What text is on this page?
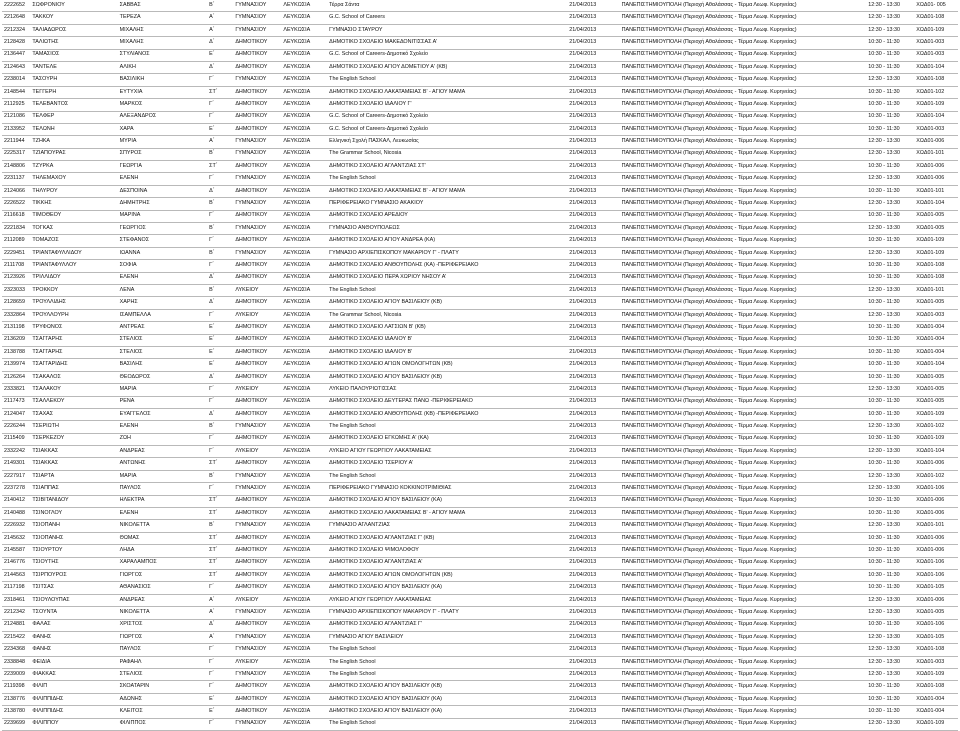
2222652	ΣΩΦΡΟΝΙΟΥ	ΣΑΒΒΑΣ	Β΄	ΓΥΜΝΑΣΙΟΥ	ΛΕΥΚΩΣΙΑ	Τέρρα Σάντα	21/04/2013	ΠΑΝΕΠΙΣΤΗΜΙΟΥΠΟΛΗ (Περιοχή Αθαλάσσας - Τέρμα Λεωφ. Κυρηνείας)	12:30 - 13:30	ΧΩΔ01- 005
2212648	ΤΑΚΚΟΥ	ΤΕΡΕΖΑ	Α΄	ΓΥΜΝΑΣΙΟΥ	ΛΕΥΚΩΣΙΑ	G.C. School of Careers	21/04/2013	ΠΑΝΕΠΙΣΤΗΜΙΟΥΠΟΛΗ (Περιοχή Αθαλάσσας - Τέρμα Λεωφ. Κυρηνείας)	12:30 - 13:30	ΧΩΔ01-108
2212324	ΤΑΛΙΑΔΩΡΟΣ	ΜΙΧΑΛΗΣ	Α΄	ΓΥΜΝΑΣΙΟΥ	ΛΕΥΚΩΣΙΑ	ΓΥΜΝΑΣΙΟ ΣΤΑΥΡΟΥ	21/04/2013	ΠΑΝΕΠΙΣΤΗΜΙΟΥΠΟΛΗ (Περιοχή Αθαλάσσας - Τέρμα Λεωφ. Κυρηνείας)	12:30 - 13:30	ΧΩΔ01-109
2128428	ΤΑΛΙΩΤΗΣ	ΜΙΧΑΛΗΣ	Δ΄	ΔΗΜΟΤΙΚΟΥ	ΛΕΥΚΩΣΙΑ	ΔΗΜΟΤΙΚΟ ΣΧΟΛΕΙΟ ΜΑΚΕΔΟΝΙΤΙΣΣΑΣ Α'	21/04/2013	ΠΑΝΕΠΙΣΤΗΜΙΟΥΠΟΛΗ (Περιοχή Αθαλάσσας - Τέρμα Λεωφ. Κυρηνείας)	10:30 - 11:30	ΧΩΔ01-003
2136447	ΤΑΜΑΣΙΟΣ	ΣΤΥΛΙΑΝΟΣ	Ε΄	ΔΗΜΟΤΙΚΟΥ	ΛΕΥΚΩΣΙΑ	G.C. School of Careers-Δημοτικό Σχολείο	21/04/2013	ΠΑΝΕΠΙΣΤΗΜΙΟΥΠΟΛΗ (Περιοχή Αθαλάσσας - Τέρμα Λεωφ. Κυρηνείας)	10:30 - 11:30	ΧΩΔ01-003
2124643	ΤΑΝΤΕΛΕ	ΑΛΙΚΗ	Δ΄	ΔΗΜΟΤΙΚΟΥ	ΛΕΥΚΩΣΙΑ	ΔΗΜΟΤΙΚΟ ΣΧΟΛΕΙΟ ΑΓΙΟΥ ΔΟΜΕΤΙΟΥ Α' (ΚΒ)	21/04/2013	ΠΑΝΕΠΙΣΤΗΜΙΟΥΠΟΛΗ (Περιοχή Αθαλάσσας - Τέρμα Λεωφ. Κυρηνείας)	10:30 - 11:30	ΧΩΔ01-104
2238014	ΤΑΣΟΥΡΗ	ΒΑΣΙΛΙΚΗ	Γ΄	ΓΥΜΝΑΣΙΟΥ	ΛΕΥΚΩΣΙΑ	The English School	21/04/2013	ΠΑΝΕΠΙΣΤΗΜΙΟΥΠΟΛΗ (Περιοχή Αθαλάσσας - Τέρμα Λεωφ. Κυρηνείας)	12:30 - 13:30	ΧΩΔ01-108
2148544	ΤΕΓΓΕΡΗ	ΕΥΤΥΧΙΑ	ΣΤ΄	ΔΗΜΟΤΙΚΟΥ	ΛΕΥΚΩΣΙΑ	ΔΗΜΟΤΙΚΟ ΣΧΟΛΕΙΟ ΛΑΚΑΤΑΜΕΙΑΣ Β' - ΑΓΙΟΥ ΜΑΜΑ	21/04/2013	ΠΑΝΕΠΙΣΤΗΜΙΟΥΠΟΛΗ (Περιοχή Αθαλάσσας - Τέρμα Λεωφ. Κυρηνείας)	10:30 - 11:30	ΧΩΔ01-102
2112925	ΤΕΛΕΒΑΝΤΟΣ	ΜΑΡΚΟΣ	Γ΄	ΔΗΜΟΤΙΚΟΥ	ΛΕΥΚΩΣΙΑ	ΔΗΜΟΤΙΚΟ ΣΧΟΛΕΙΟ ΙΔΑΛΙΟΥ Γ'	21/04/2013	ΠΑΝΕΠΙΣΤΗΜΙΟΥΠΟΛΗ (Περιοχή Αθαλάσσας - Τέρμα Λεωφ. Κυρηνείας)	10:30 - 11:30	ΧΩΔ01-109
2121086	ΤΕΛΦΕΡ	ΑΛΕΞΑΝΔΡΟΣ	Γ΄	ΔΗΜΟΤΙΚΟΥ	ΛΕΥΚΩΣΙΑ	G.C. School of Careers-Δημοτικό Σχολείο	21/04/2013	ΠΑΝΕΠΙΣΤΗΜΙΟΥΠΟΛΗ (Περιοχή Αθαλάσσας - Τέρμα Λεωφ. Κυρηνείας)	10:30 - 11:30	ΧΩΔ01-104
2133952	ΤΕΛΩΝΗ	ΧΑΡΑ	Ε΄	ΔΗΜΟΤΙΚΟΥ	ΛΕΥΚΩΣΙΑ	G.C. School of Careers-Δημοτικό Σχολείο	21/04/2013	ΠΑΝΕΠΙΣΤΗΜΙΟΥΠΟΛΗ (Περιοχή Αθαλάσσας - Τέρμα Λεωφ. Κυρηνείας)	10:30 - 11:30	ΧΩΔ01-003
2211944	ΤΖΗΚΑ	ΜΥΡΙΑ	Α΄	ΓΥΜΝΑΣΙΟΥ	ΛΕΥΚΩΣΙΑ	Ελληνική Σχολή ΠΑΣΚΑΛ, Λευκωσίας	21/04/2013	ΠΑΝΕΠΙΣΤΗΜΙΟΥΠΟΛΗ (Περιοχή Αθαλάσσας - Τέρμα Λεωφ. Κυρηνείας)	12:30 - 13:30	ΧΩΔ01-006
2225317	ΤΖΙΑΠΟΥΡΑΣ	ΣΠΥΡΟΣ	Β΄	ΓΥΜΝΑΣΙΟΥ	ΛΕΥΚΩΣΙΑ	The Grammar School, Nicosia	21/04/2013	ΠΑΝΕΠΙΣΤΗΜΙΟΥΠΟΛΗ (Περιοχή Αθαλάσσας - Τέρμα Λεωφ. Κυρηνείας)	12:30 - 13:30	ΧΩΔ01-101
2148806	ΤΖΥΡΚΑ	ΓΕΩΡΓΙΑ	ΣΤ΄	ΔΗΜΟΤΙΚΟΥ	ΛΕΥΚΩΣΙΑ	ΔΗΜΟΤΙΚΟ ΣΧΟΛΕΙΟ ΑΓΛΑΝΤΖΙΑΣ ΣΤ'	21/04/2013	ΠΑΝΕΠΙΣΤΗΜΙΟΥΠΟΛΗ (Περιοχή Αθαλάσσας - Τέρμα Λεωφ. Κυρηνείας)	10:30 - 11:30	ΧΩΔ01-006
2231137	ΤΗΛΕΜΑΧΟΥ	ΕΛΕΝΗ	Γ΄	ΓΥΜΝΑΣΙΟΥ	ΛΕΥΚΩΣΙΑ	The English School	21/04/2013	ΠΑΝΕΠΙΣΤΗΜΙΟΥΠΟΛΗ (Περιοχή Αθαλάσσας - Τέρμα Λεωφ. Κυρηνείας)	12:30 - 13:30	ΧΩΔ01-006
2124066	ΤΗΛΥΡΟΥ	ΔΕΣΠΟΙΝΑ	Δ΄	ΔΗΜΟΤΙΚΟΥ	ΛΕΥΚΩΣΙΑ	ΔΗΜΟΤΙΚΟ ΣΧΟΛΕΙΟ ΛΑΚΑΤΑΜΕΙΑΣ Β' - ΑΓΙΟΥ ΜΑΜΑ	21/04/2013	ΠΑΝΕΠΙΣΤΗΜΙΟΥΠΟΛΗ (Περιοχή Αθαλάσσας - Τέρμα Λεωφ. Κυρηνείας)	10:30 - 11:30	ΧΩΔ01-101
2226522	ΤΙΚΚΗΣ	ΔΗΜΗΤΡΗΣ	Β΄	ΓΥΜΝΑΣΙΟΥ	ΛΕΥΚΩΣΙΑ	ΠΕΡΙΦΕΡΕΙΑΚΟ ΓΥΜΝΑΣΙΟ ΑΚΑΚΙΟΥ	21/04/2013	ΠΑΝΕΠΙΣΤΗΜΙΟΥΠΟΛΗ (Περιοχή Αθαλάσσας - Τέρμα Λεωφ. Κυρηνείας)	12:30 - 13:30	ΧΩΔ01-104
2116618	ΤΙΜΟΘΕΟΥ	ΜΑΡΙΝΑ	Γ΄	ΔΗΜΟΤΙΚΟΥ	ΛΕΥΚΩΣΙΑ	ΔΗΜΟΤΙΚΟ ΣΧΟΛΕΙΟ ΑΡΕΔΙΟΥ	21/04/2013	ΠΑΝΕΠΙΣΤΗΜΙΟΥΠΟΛΗ (Περιοχή Αθαλάσσας - Τέρμα Λεωφ. Κυρηνείας)	10:30 - 11:30	ΧΩΔ01-005
2221834	ΤΟΓΚΑΣ	ΓΕΩΡΓΙΟΣ	Β΄	ΓΥΜΝΑΣΙΟΥ	ΛΕΥΚΩΣΙΑ	ΓΥΜΝΑΣΙΟ ΑΝΘΟΥΠΟΛΕΩΣ	21/04/2013	ΠΑΝΕΠΙΣΤΗΜΙΟΥΠΟΛΗ (Περιοχή Αθαλάσσας - Τέρμα Λεωφ. Κυρηνείας)	12:30 - 13:30	ΧΩΔ01-005
2112089	ΤΟΜΑΖΟΣ	ΣΤΕΦΑΝΟΣ	Γ΄	ΔΗΜΟΤΙΚΟΥ	ΛΕΥΚΩΣΙΑ	ΔΗΜΟΤΙΚΟ ΣΧΟΛΕΙΟ ΑΓΙΟΥ ΑΝΔΡΕΑ (ΚΑ)	21/04/2013	ΠΑΝΕΠΙΣΤΗΜΙΟΥΠΟΛΗ (Περιοχή Αθαλάσσας - Τέρμα Λεωφ. Κυρηνείας)	10:30 - 11:30	ΧΩΔ01-109
2229451	ΤΡΙΑΝΤΑΦΥΛΛΙΔΟΥ	ΙΩΑΝΝΑ	Β΄	ΓΥΜΝΑΣΙΟΥ	ΛΕΥΚΩΣΙΑ	ΓΥΜΝΑΣΙΟ ΑΡΧΙΕΠΙΣΚΟΠΟΥ ΜΑΚΑΡΙΟΥ Γ' - ΠΛΑΤΥ	21/04/2013	ΠΑΝΕΠΙΣΤΗΜΙΟΥΠΟΛΗ (Περιοχή Αθαλάσσας - Τέρμα Λεωφ. Κυρηνείας)	12:30 - 13:30	ΧΩΔ01-109
2111708	ΤΡΙΑΝΤΑΦΥΛΛΟΥ	ΣΟΦΙΑ	Γ΄	ΔΗΜΟΤΙΚΟΥ	ΛΕΥΚΩΣΙΑ	ΔΗΜΟΤΙΚΟ ΣΧΟΛΕΙΟ ΑΝΘΟΥΠΟΛΗΣ (ΚΑ) -ΠΕΡΙΦΕΡΕΙΑΚΟ	21/04/2013	ΠΑΝΕΠΙΣΤΗΜΙΟΥΠΟΛΗ (Περιοχή Αθαλάσσας - Τέρμα Λεωφ. Κυρηνείας)	10:30 - 11:30	ΧΩΔ01-108
2123926	ΤΡΙΛΛΙΔΟΥ	ΕΛΕΝΗ	Δ΄	ΔΗΜΟΤΙΚΟΥ	ΛΕΥΚΩΣΙΑ	ΔΗΜΟΤΙΚΟ ΣΧΟΛΕΙΟ ΠΕΡΑ ΧΩΡΙΟΥ ΝΗΣΟΥ Α'	21/04/2013	ΠΑΝΕΠΙΣΤΗΜΙΟΥΠΟΛΗ (Περιοχή Αθαλάσσας - Τέρμα Λεωφ. Κυρηνείας)	10:30 - 11:30	ΧΩΔ01-108
2323033	ΤΡΟΚΚΟΥ	ΛΕΝΑ	Β΄	ΛΥΚΕΙΟΥ	ΛΕΥΚΩΣΙΑ	The English School	21/04/2013	ΠΑΝΕΠΙΣΤΗΜΙΟΥΠΟΛΗ (Περιοχή Αθαλάσσας - Τέρμα Λεωφ. Κυρηνείας)	12:30 - 13:30	ΧΩΔ01-101
2128659	ΤΡΟΥΛΛΙΔΗΣ	ΧΑΡΗΣ	Δ΄	ΔΗΜΟΤΙΚΟΥ	ΛΕΥΚΩΣΙΑ	ΔΗΜΟΤΙΚΟ ΣΧΟΛΕΙΟ ΑΓΙΟΥ ΒΑΣΙΛΕΙΟΥ (ΚΒ)	21/04/2013	ΠΑΝΕΠΙΣΤΗΜΙΟΥΠΟΛΗ (Περιοχή Αθαλάσσας - Τέρμα Λεωφ. Κυρηνείας)	10:30 - 11:30	ΧΩΔ01-005
2332864	ΤΡΟΥΛΛΟΥΡΗ	ΙΣΑΜΠΕΛΛΑ	Γ΄	ΛΥΚΕΙΟΥ	ΛΕΥΚΩΣΙΑ	The Grammar School, Nicosia	21/04/2013	ΠΑΝΕΠΙΣΤΗΜΙΟΥΠΟΛΗ (Περιοχή Αθαλάσσας - Τέρμα Λεωφ. Κυρηνείας)	12:30 - 13:30	ΧΩΔ01-003
2131198	ΤΡΥΦΩΝΟΣ	ΑΝΤΡΕΑΣ	Ε΄	ΔΗΜΟΤΙΚΟΥ	ΛΕΥΚΩΣΙΑ	ΔΗΜΟΤΙΚΟ ΣΧΟΛΕΙΟ ΛΑΤΣΙΩΝ Β' (ΚΒ)	21/04/2013	ΠΑΝΕΠΙΣΤΗΜΙΟΥΠΟΛΗ (Περιοχή Αθαλάσσας - Τέρμα Λεωφ. Κυρηνείας)	10:30 - 11:30	ΧΩΔ01-004
2136209	ΤΣΑΓΓΑΡΗΣ	ΣΤΕΛΙΟΣ	Ε΄	ΔΗΜΟΤΙΚΟΥ	ΛΕΥΚΩΣΙΑ	ΔΗΜΟΤΙΚΟ ΣΧΟΛΕΙΟ ΙΔΑΛΙΟΥ Β'	21/04/2013	ΠΑΝΕΠΙΣΤΗΜΙΟΥΠΟΛΗ (Περιοχή Αθαλάσσας - Τέρμα Λεωφ. Κυρηνείας)	10:30 - 11:30	ΧΩΔ01-004
2138788	ΤΣΑΓΓΑΡΗΣ	ΣΤΕΛΙΟΣ	Ε΄	ΔΗΜΟΤΙΚΟΥ	ΛΕΥΚΩΣΙΑ	ΔΗΜΟΤΙΚΟ ΣΧΟΛΕΙΟ ΙΔΑΛΙΟΥ Β'	21/04/2013	ΠΑΝΕΠΙΣΤΗΜΙΟΥΠΟΛΗ (Περιοχή Αθαλάσσας - Τέρμα Λεωφ. Κυρηνείας)	10:30 - 11:30	ΧΩΔ01-004
2139974	ΤΣΑΓΓΑΡΙΔΗΣ	ΒΑΣΙΛΗΣ	Ε΄	ΔΗΜΟΤΙΚΟΥ	ΛΕΥΚΩΣΙΑ	ΔΗΜΟΤΙΚΟ ΣΧΟΛΕΙΟ ΑΓΙΩΝ ΟΜΟΛΟΓΗΤΩΝ (ΚΒ)	21/04/2013	ΠΑΝΕΠΙΣΤΗΜΙΟΥΠΟΛΗ (Περιοχή Αθαλάσσας - Τέρμα Λεωφ. Κυρηνείας)	10:30 - 11:30	ΧΩΔ01-104
2126264	ΤΣΑΚΑΛΟΣ	ΘΕΟΔΩΡΟΣ	Δ΄	ΔΗΜΟΤΙΚΟΥ	ΛΕΥΚΩΣΙΑ	ΔΗΜΟΤΙΚΟ ΣΧΟΛΕΙΟ ΑΓΙΟΥ ΒΑΣΙΛΕΙΟΥ (ΚΒ)	21/04/2013	ΠΑΝΕΠΙΣΤΗΜΙΟΥΠΟΛΗ (Περιοχή Αθαλάσσας - Τέρμα Λεωφ. Κυρηνείας)	10:30 - 11:30	ΧΩΔ01-005
2333821	ΤΣΑΛΑΚΟΥ	ΜΑΡΙΑ	Γ΄	ΛΥΚΕΙΟΥ	ΛΕΥΚΩΣΙΑ	ΛΥΚΕΙΟ ΠΑΛΟΥΡΙΩΤΙΣΣΑΣ	21/04/2013	ΠΑΝΕΠΙΣΤΗΜΙΟΥΠΟΛΗ (Περιοχή Αθαλάσσας - Τέρμα Λεωφ. Κυρηνείας)	12:30 - 13:30	ΧΩΔ01-005
2117473	ΤΣΑΛΛΕΚΟΥ	ΡΕΝΑ	Γ΄	ΔΗΜΟΤΙΚΟΥ	ΛΕΥΚΩΣΙΑ	ΔΗΜΟΤΙΚΟ ΣΧΟΛΕΙΟ ΔΕΥΤΕΡΑΣ ΠΑΝΩ -ΠΕΡΙΦΕΡΕΙΑΚΟ	21/04/2013	ΠΑΝΕΠΙΣΤΗΜΙΟΥΠΟΛΗ (Περιοχή Αθαλάσσας - Τέρμα Λεωφ. Κυρηνείας)	10:30 - 11:30	ΧΩΔ01-005
2124047	ΤΣΑΧΑΣ	ΕΥΑΓΓΕΛΟΣ	Δ΄	ΔΗΜΟΤΙΚΟΥ	ΛΕΥΚΩΣΙΑ	ΔΗΜΟΤΙΚΟ ΣΧΟΛΕΙΟ ΑΝΘΟΥΠΟΛΗΣ (ΚΒ) -ΠΕΡΙΦΕΡΕΙΑΚΟ	21/04/2013	ΠΑΝΕΠΙΣΤΗΜΙΟΥΠΟΛΗ (Περιοχή Αθαλάσσας - Τέρμα Λεωφ. Κυρηνείας)	10:30 - 11:30	ΧΩΔ01-109
2226244	ΤΣΕΡΙΩΤΗ	ΕΛΕΝΗ	Β΄	ΓΥΜΝΑΣΙΟΥ	ΛΕΥΚΩΣΙΑ	The English School	21/04/2013	ΠΑΝΕΠΙΣΤΗΜΙΟΥΠΟΛΗ (Περιοχή Αθαλάσσας - Τέρμα Λεωφ. Κυρηνείας)	12:30 - 13:30	ΧΩΔ01-102
2115409	ΤΣΕΡΚΕΖΟΥ	ΖΩΗ	Γ΄	ΔΗΜΟΤΙΚΟΥ	ΛΕΥΚΩΣΙΑ	ΔΗΜΟΤΙΚΟ ΣΧΟΛΕΙΟ ΕΓΚΩΜΗΣ Α' (ΚΑ)	21/04/2013	ΠΑΝΕΠΙΣΤΗΜΙΟΥΠΟΛΗ (Περιοχή Αθαλάσσας - Τέρμα Λεωφ. Κυρηνείας)	10:30 - 11:30	ΧΩΔ01-109
2332242	ΤΣΙΑΚΚΑΣ	ΑΝΔΡΕΑΣ	Γ΄	ΛΥΚΕΙΟΥ	ΛΕΥΚΩΣΙΑ	ΛΥΚΕΙΟ ΑΓΙΟΥ ΓΕΩΡΓΙΟΥ ΛΑΚΑΤΑΜΕΙΑΣ	21/04/2013	ΠΑΝΕΠΙΣΤΗΜΙΟΥΠΟΛΗ (Περιοχή Αθαλάσσας - Τέρμα Λεωφ. Κυρηνείας)	12:30 - 13:30	ΧΩΔ01-104
2149301	ΤΣΙΑΚΚΑΣ	ΑΝΤΩΝΗΣ	ΣΤ΄	ΔΗΜΟΤΙΚΟΥ	ΛΕΥΚΩΣΙΑ	ΔΗΜΟΤΙΚΟ ΣΧΟΛΕΙΟ ΤΣΕΡΙΟΥ Α'	21/04/2013	ΠΑΝΕΠΙΣΤΗΜΙΟΥΠΟΛΗ (Περιοχή Αθαλάσσας - Τέρμα Λεωφ. Κυρηνείας)	10:30 - 11:30	ΧΩΔ01-006
2227917	ΤΣΙΑΡΤΑ	ΜΑΡΙΑ	Β΄	ΓΥΜΝΑΣΙΟΥ	ΛΕΥΚΩΣΙΑ	The English School	21/04/2013	ΠΑΝΕΠΙΣΤΗΜΙΟΥΠΟΛΗ (Περιοχή Αθαλάσσας - Τέρμα Λεωφ. Κυρηνείας)	12:30 - 13:30	ΧΩΔ01-102
2237278	ΤΣΙΑΠΠΑΣ	ΠΑΥΛΟΣ	Γ΄	ΓΥΜΝΑΣΙΟΥ	ΛΕΥΚΩΣΙΑ	ΠΕΡΙΦΕΡΕΙΑΚΟ ΓΥΜΝΑΣΙΟ ΚΟΚΚΙΝΟΤΡΙΜΙΘΙΑΣ	21/04/2013	ΠΑΝΕΠΙΣΤΗΜΙΟΥΠΟΛΗ (Περιοχή Αθαλάσσας - Τέρμα Λεωφ. Κυρηνείας)	12:30 - 13:30	ΧΩΔ01-106
2140412	ΤΣΙΒΙΤΑΝΙΔΟΥ	ΗΛΕΚΤΡΑ	ΣΤ΄	ΔΗΜΟΤΙΚΟΥ	ΛΕΥΚΩΣΙΑ	ΔΗΜΟΤΙΚΟ ΣΧΟΛΕΙΟ ΑΓΙΟΥ ΒΑΣΙΛΕΙΟΥ (ΚΑ)	21/04/2013	ΠΑΝΕΠΙΣΤΗΜΙΟΥΠΟΛΗ (Περιοχή Αθαλάσσας - Τέρμα Λεωφ. Κυρηνείας)	10:30 - 11:30	ΧΩΔ01-006
2140488	ΤΣΙΝΟΓΛΟΥ	ΕΛΕΝΗ	ΣΤ΄	ΔΗΜΟΤΙΚΟΥ	ΛΕΥΚΩΣΙΑ	ΔΗΜΟΤΙΚΟ ΣΧΟΛΕΙΟ ΛΑΚΑΤΑΜΕΙΑΣ Β' - ΑΓΙΟΥ ΜΑΜΑ	21/04/2013	ΠΑΝΕΠΙΣΤΗΜΙΟΥΠΟΛΗ (Περιοχή Αθαλάσσας - Τέρμα Λεωφ. Κυρηνείας)	10:30 - 11:30	ΧΩΔ01-006
2226932	ΤΣΙΟΠΑΝΗ	ΝΙΚΟΛΕΤΤΑ	Β΄	ΓΥΜΝΑΣΙΟΥ	ΛΕΥΚΩΣΙΑ	ΓΥΜΝΑΣΙΟ ΑΓΛΑΝΤΖΙΑΣ	21/04/2013	ΠΑΝΕΠΙΣΤΗΜΙΟΥΠΟΛΗ (Περιοχή Αθαλάσσας - Τέρμα Λεωφ. Κυρηνείας)	12:30 - 13:30	ΧΩΔ01-101
2145632	ΤΣΙΟΠΑΝΗΣ	ΘΩΜΑΣ	ΣΤ΄	ΔΗΜΟΤΙΚΟΥ	ΛΕΥΚΩΣΙΑ	ΔΗΜΟΤΙΚΟ ΣΧΟΛΕΙΟ ΑΓΛΑΝΤΖΙΑΣ Γ' (ΚΒ)	21/04/2013	ΠΑΝΕΠΙΣΤΗΜΙΟΥΠΟΛΗ (Περιοχή Αθαλάσσας - Τέρμα Λεωφ. Κυρηνείας)	10:30 - 11:30	ΧΩΔ01-006
2145587	ΤΣΙΟΥΡΤΟΥ	ΛΗΔΑ	ΣΤ΄	ΔΗΜΟΤΙΚΟΥ	ΛΕΥΚΩΣΙΑ	ΔΗΜΟΤΙΚΟ ΣΧΟΛΕΙΟ ΨΙΜΟΛΟΦΟΥ	21/04/2013	ΠΑΝΕΠΙΣΤΗΜΙΟΥΠΟΛΗ (Περιοχή Αθαλάσσας - Τέρμα Λεωφ. Κυρηνείας)	10:30 - 11:30	ΧΩΔ01-006
2146776	ΤΣΙΟΥΤΗΣ	ΧΑΡΑΛΑΜΠΟΣ	ΣΤ΄	ΔΗΜΟΤΙΚΟΥ	ΛΕΥΚΩΣΙΑ	ΔΗΜΟΤΙΚΟ ΣΧΟΛΕΙΟ ΑΓΛΑΝΤΖΙΑΣ Α'	21/04/2013	ΠΑΝΕΠΙΣΤΗΜΙΟΥΠΟΛΗ (Περιοχή Αθαλάσσας - Τέρμα Λεωφ. Κυρηνείας)	10:30 - 11:30	ΧΩΔ01-106
2144563	ΤΣΙΡΠΟΥΡΟΣ	ΓΙΩΡΓΟΣ	ΣΤ΄	ΔΗΜΟΤΙΚΟΥ	ΛΕΥΚΩΣΙΑ	ΔΗΜΟΤΙΚΟ ΣΧΟΛΕΙΟ ΑΓΙΩΝ ΟΜΟΛΟΓΗΤΩΝ (ΚΒ)	21/04/2013	ΠΑΝΕΠΙΣΤΗΜΙΟΥΠΟΛΗ (Περιοχή Αθαλάσσας - Τέρμα Λεωφ. Κυρηνείας)	10:30 - 11:30	ΧΩΔ01-106
2117198	ΤΣΙΤΣΑΣ	ΑΘΑΝΑΣΙΟΣ	Γ΄	ΔΗΜΟΤΙΚΟΥ	ΛΕΥΚΩΣΙΑ	ΔΗΜΟΤΙΚΟ ΣΧΟΛΕΙΟ ΑΓΙΟΥ ΒΑΣΙΛΕΙΟΥ (ΚΑ)	21/04/2013	ΠΑΝΕΠΙΣΤΗΜΙΟΥΠΟΛΗ (Περιοχή Αθαλάσσας - Τέρμα Λεωφ. Κυρηνείας)	10:30 - 11:30	ΧΩΔ01-105
2318461	ΤΣΙΟΥΛΟΥΠΑΣ	ΑΝΔΡΕΑΣ	Α΄	ΛΥΚΕΙΟΥ	ΛΕΥΚΩΣΙΑ	ΛΥΚΕΙΟ ΑΓΙΟΥ ΓΕΩΡΓΙΟΥ ΛΑΚΑΤΑΜΕΙΑΣ	21/04/2013	ΠΑΝΕΠΙΣΤΗΜΙΟΥΠΟΛΗ (Περιοχή Αθαλάσσας - Τέρμα Λεωφ. Κυρηνείας)	12:30 - 13:30	ΧΩΔ01-006
2212342	ΤΣΟΥΝΤΑ	ΝΙΚΟΛΕΤΤΑ	Α΄	ΓΥΜΝΑΣΙΟΥ	ΛΕΥΚΩΣΙΑ	ΓΥΜΝΑΣΙΟ ΑΡΧΙΕΠΙΣΚΟΠΟΥ ΜΑΚΑΡΙΟΥ Γ' - ΠΛΑΤΥ	21/04/2013	ΠΑΝΕΠΙΣΤΗΜΙΟΥΠΟΛΗ (Περιοχή Αθαλάσσας - Τέρμα Λεωφ. Κυρηνείας)	12:30 - 13:30	ΧΩΔ01-005
2124881	ΦΑΛΑΣ	ΧΡΙΣΤΟΣ	Δ΄	ΔΗΜΟΤΙΚΟΥ	ΛΕΥΚΩΣΙΑ	ΔΗΜΟΤΙΚΟ ΣΧΟΛΕΙΟ ΑΓΛΑΝΤΖΙΑΣ Γ'	21/04/2013	ΠΑΝΕΠΙΣΤΗΜΙΟΥΠΟΛΗ (Περιοχή Αθαλάσσας - Τέρμα Λεωφ. Κυρηνείας)	10:30 - 11:30	ΧΩΔ01-106
2215422	ΦΑΝΗΣ	ΓΙΩΡΓΟΣ	Α΄	ΓΥΜΝΑΣΙΟΥ	ΛΕΥΚΩΣΙΑ	ΓΥΜΝΑΣΙΟ ΑΓΙΟΥ ΒΑΣΙΛΕΙΟΥ	21/04/2013	ΠΑΝΕΠΙΣΤΗΜΙΟΥΠΟΛΗ (Περιοχή Αθαλάσσας - Τέρμα Λεωφ. Κυρηνείας)	12:30 - 13:30	ΧΩΔ01-105
2234368	ΦΑΝΗΣ	ΠΑΥΛΟΣ	Γ΄	ΓΥΜΝΑΣΙΟΥ	ΛΕΥΚΩΣΙΑ	The English School	21/04/2013	ΠΑΝΕΠΙΣΤΗΜΙΟΥΠΟΛΗ (Περιοχή Αθαλάσσας - Τέρμα Λεωφ. Κυρηνείας)	12:30 - 13:30	ΧΩΔ01-108
2338848	ΦΕΙΔΙΑ	ΡΑΦΑΗΛ	Γ΄	ΛΥΚΕΙΟΥ	ΛΕΥΚΩΣΙΑ	The English School	21/04/2013	ΠΑΝΕΠΙΣΤΗΜΙΟΥΠΟΛΗ (Περιοχή Αθαλάσσας - Τέρμα Λεωφ. Κυρηνείας)	12:30 - 13:30	ΧΩΔ01-003
2239009	ΦΙΑΚΚΑΣ	ΣΤΕΛΙΟΣ	Γ΄	ΓΥΜΝΑΣΙΟΥ	ΛΕΥΚΩΣΙΑ	The English School	21/04/2013	ΠΑΝΕΠΙΣΤΗΜΙΟΥΠΟΛΗ (Περιοχή Αθαλάσσας - Τέρμα Λεωφ. Κυρηνείας)	12:30 - 13:30	ΧΩΔ01-109
2119398	ΦΙΛΙΠ	ΣΚΟΑΤΑΡΙΝ	Γ΄	ΔΗΜΟΤΙΚΟΥ	ΛΕΥΚΩΣΙΑ	ΔΗΜΟΤΙΚΟ ΣΧΟΛΕΙΟ ΑΓΙΟΥ ΒΑΣΙΛΕΙΟΥ (ΚΒ)	21/04/2013	ΠΑΝΕΠΙΣΤΗΜΙΟΥΠΟΛΗ (Περιοχή Αθαλάσσας - Τέρμα Λεωφ. Κυρηνείας)	10:30 - 11:30	ΧΩΔ01-108
2138776	ΦΙΛΙΠΠΙΔΗΣ	ΑΔΩΝΗΣ	Ε΄	ΔΗΜΟΤΙΚΟΥ	ΛΕΥΚΩΣΙΑ	ΔΗΜΟΤΙΚΟ ΣΧΟΛΕΙΟ ΑΓΙΟΥ ΒΑΣΙΛΕΙΟΥ (ΚΑ)	21/04/2013	ΠΑΝΕΠΙΣΤΗΜΙΟΥΠΟΛΗ (Περιοχή Αθαλάσσας - Τέρμα Λεωφ. Κυρηνείας)	10:30 - 11:30	ΧΩΔ01-004
2138780	ΦΙΛΙΠΠΙΔΗΣ	ΚΛΕΙΤΟΣ	Ε΄	ΔΗΜΟΤΙΚΟΥ	ΛΕΥΚΩΣΙΑ	ΔΗΜΟΤΙΚΟ ΣΧΟΛΕΙΟ ΑΓΙΟΥ ΒΑΣΙΛΕΙΟΥ (ΚΑ)	21/04/2013	ΠΑΝΕΠΙΣΤΗΜΙΟΥΠΟΛΗ (Περιοχή Αθαλάσσας - Τέρμα Λεωφ. Κυρηνείας)	10:30 - 11:30	ΧΩΔ01-004
2239699	ΦΙΛΙΠΠΟΥ	ΦΙΛΙΠΠΟΣ	Γ΄	ΓΥΜΝΑΣΙΟΥ	ΛΕΥΚΩΣΙΑ	The English School	21/04/2013	ΠΑΝΕΠΙΣΤΗΜΙΟΥΠΟΛΗ (Περιοχή Αθαλάσσας - Τέρμα Λεωφ. Κυρηνείας)	12:30 - 13:30	ΧΩΔ01-109
